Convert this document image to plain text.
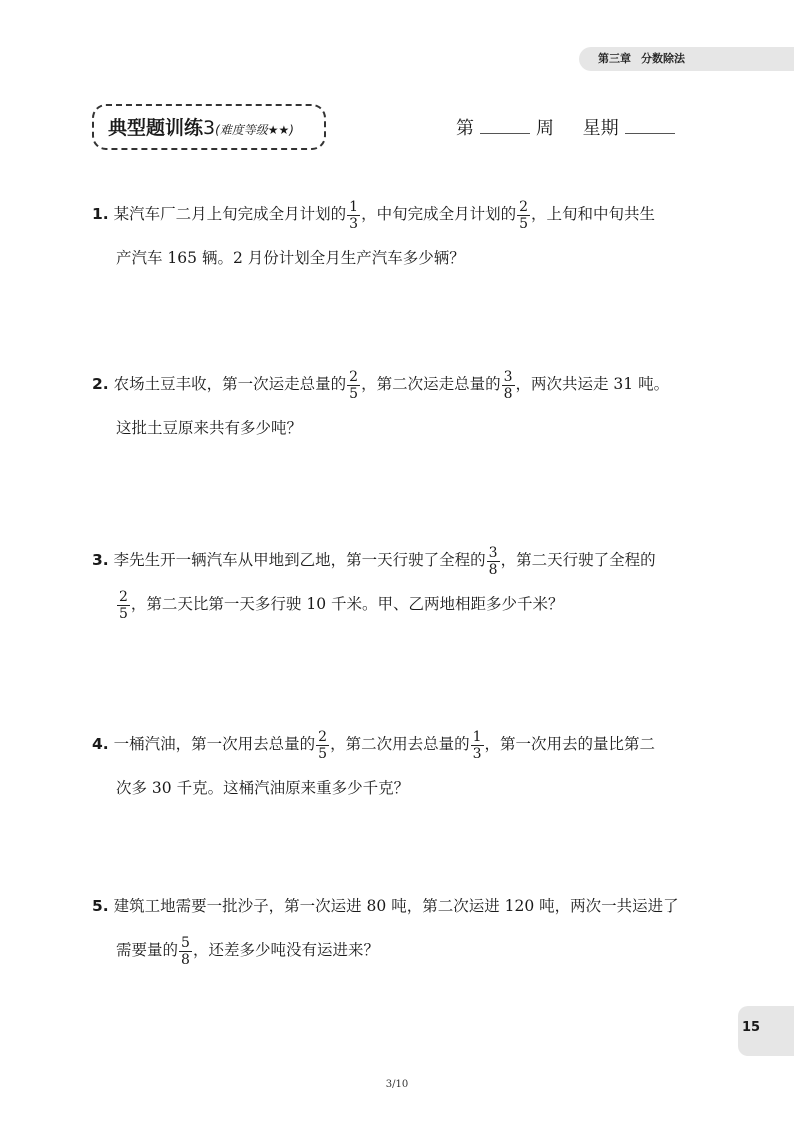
第三章 分数除法
典型题训练3(难度等级★★)	第	周 星期
1. 某汽车厂二月上旬完成全月计划的 $\frac{1}{3}$ ，中旬完成全月计划的 $\frac{2}{5}$ ，上旬和中旬共生
产汽车 165 辆。2 月份计划全月生产汽车多少辆？
2. 农场土豆丰收，第一次运走总量的 $\frac{2}{5}$ ，第二次运走总量的 $\frac{3}{8}$ ，两次共运走 31 吨。
这批土豆原来共有多少吨？
3. 李先生开一辆汽车从甲地到乙地，第一天行驶了全程的 $\frac{3}{8}$ ，第二天行驶了全程的
$\frac{2}{5}$ ，第二天比第一天多行驶 10 千米。甲、乙两地相距多少千米？
4. 一桶汽油，第一次用去总量的 $\frac{2}{5}$ ，第二次用去总量的 $\frac{1}{3}$ ，第一次用去的量比第二
次多 30 千克。这桶汽油原来重多少千克？
5. 建筑工地需要一批沙子，第一次运进 80 吨，第二次运进 120 吨，两次一共运进了
需要量的 $\frac{5}{8}$ ，还差多少吨没有运进来？
15
3/10
